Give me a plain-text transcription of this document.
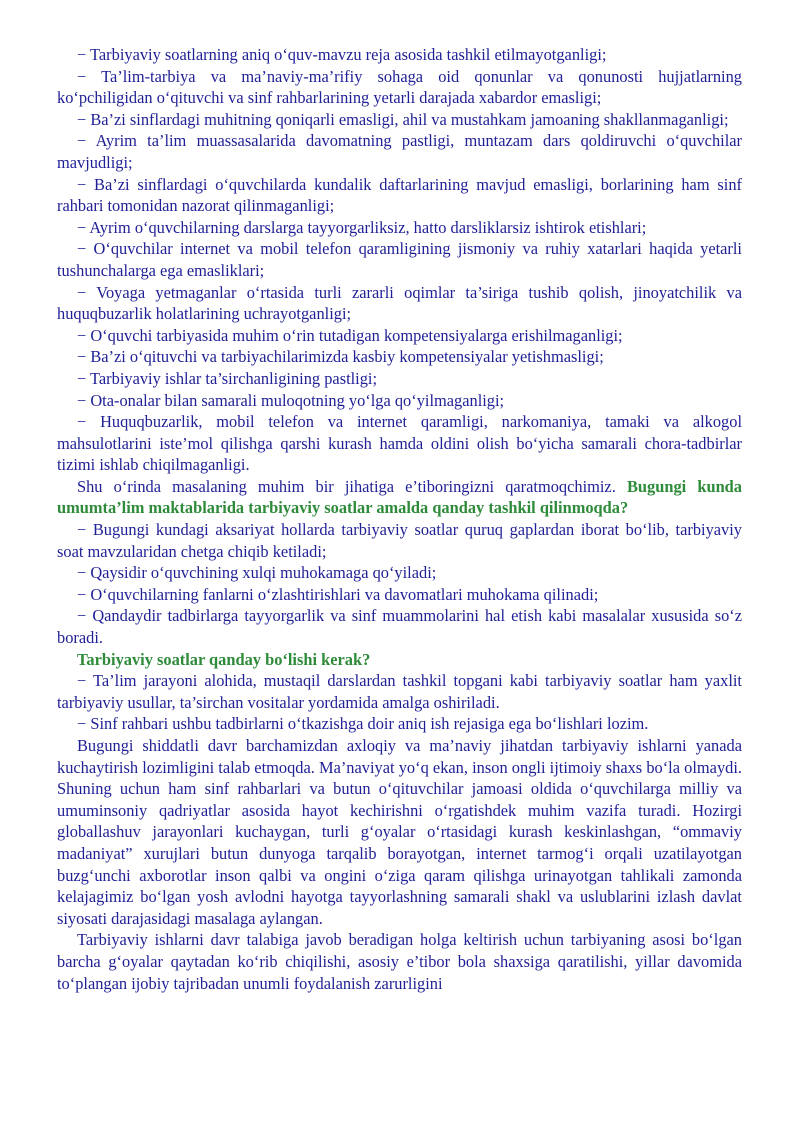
− Tarbiyaviy soatlarning aniq o‘quv-mavzu reja asosida tashkil etilmayotganligi;

− Ta’lim-tarbiya va ma’naviy-ma’rifiy sohaga oid qonunlar va qonunosti hujjatlarning ko‘pchiligidan o‘qituvchi va sinf rahbarlarining yetarli darajada xabardor emasligi;

− Ba’zi sinflardagi muhitning qoniqarli emasligi, ahil va mustahkam jamoaning shakllanmaganligi;

− Ayrim ta’lim muassasalarida davomatning pastligi, muntazam dars qoldiruvchi o‘quvchilar mavjudligi;

− Ba’zi sinflardagi o‘quvchilarda kundalik daftarlarining mavjud emasligi, borlarining ham sinf rahbari tomonidan nazorat qilinmaganligi;

− Ayrim o‘quvchilarning darslarga tayyorgarliksiz, hatto darsliklarsiz ishtirok etishlari;

− O‘quvchilar internet va mobil telefon qaramligining jismoniy va ruhiy xatarlari haqida yetarli tushunchalarga ega emasliklari;

− Voyaga yetmaganlar o‘rtasida turli zararli oqimlar ta’siriga tushib qolish, jinoyatchilik va huquqbuzarlik holatlarining uchrayotganligi;

− O‘quvchi tarbiyasida muhim o‘rin tutadigan kompetensiyalarga erishilmaganligi;

− Ba’zi o‘qituvchi va tarbiyachilarimizda kasbiy kompetensiyalar yetishmasligi;

− Tarbiyaviy ishlar ta’sirchanligining pastligi;

− Ota-onalar bilan samarali muloqotning yo‘lga qo‘yilmaganligi;

− Huquqbuzarlik, mobil telefon va internet qaramligi, narkomaniya, tamaki va alkogol mahsulotlarini iste’mol qilishga qarshi kurash hamda oldini olish bo‘yicha samarali chora-tadbirlar tizimi ishlab chiqilmaganligi.

Shu o‘rinda masalaning muhim bir jihatiga e’tiboringizni qaratmoqchimiz. Bugungi kunda umumta’lim maktablarida tarbiyaviy soatlar amalda qanday tashkil qilinmoqda?

− Bugungi kundagi aksariyat hollarda tarbiyaviy soatlar quruq gaplardan iborat bo‘lib, tarbiyaviy soat mavzularidan chetga chiqib ketiladi;

− Qaysidir o‘quvchining xulqi muhokamaga qo‘yiladi;

− O‘quvchilarning fanlarni o‘zlashtirishlari va davomatlari muhokama qilinadi;

− Qandaydir tadbirlarga tayyorgarlik va sinf muammolarini hal etish kabi masalalar xususida so‘z boradi.

Tarbiyaviy soatlar qanday bo‘lishi kerak?

− Ta’lim jarayoni alohida, mustaqil darslardan tashkil topgani kabi tarbiyaviy soatlar ham yaxlit tarbiyaviy usullar, ta’sirchan vositalar yordamida amalga oshiriladi.

− Sinf rahbari ushbu tadbirlarni o‘tkazishga doir aniq ish rejasiga ega bo‘lishlari lozim.

Bugungi shiddatli davr barchamizdan axloqiy va ma’naviy jihatdan tarbiyaviy ishlarni yanada kuchaytirish lozimligini talab etmoqda. Ma’naviyat yo‘q ekan, inson ongli ijtimoiy shaxs bo‘la olmaydi. Shuning uchun ham sinf rahbarlari va butun o‘qituvchilar jamoasi oldida o‘quvchilarga milliy va umuminsoniy qadriyatlar asosida hayot kechirishni o‘rgatishdek muhim vazifa turadi. Hozirgi globallashuv jarayonlari kuchaygan, turli g‘oyalar o‘rtasidagi kurash keskinlashgan, “ommaviy madaniyat” xurujlari butun dunyoga tarqalib borayotgan, internet tarmog‘i orqali uzatilayotgan buzg‘unchi axborotlar inson qalbi va ongini o‘ziga qaram qilishga urinayotgan tahlikali zamonda kelajagimiz bo‘lgan yosh avlodni hayotga tayyorlashning samarali shakl va uslublarini izlash davlat siyosati darajasidagi masalaga aylangan.

Tarbiyaviy ishlarni davr talabiga javob beradigan holga keltirish uchun tarbiyaning asosi bo‘lgan barcha g‘oyalar qaytadan ko‘rib chiqilishi, asosiy e’tibor bola shaxsiga qaratilishi, yillar davomida to‘plangan ijobiy tajribadan unumli foydalanish zarurligini
